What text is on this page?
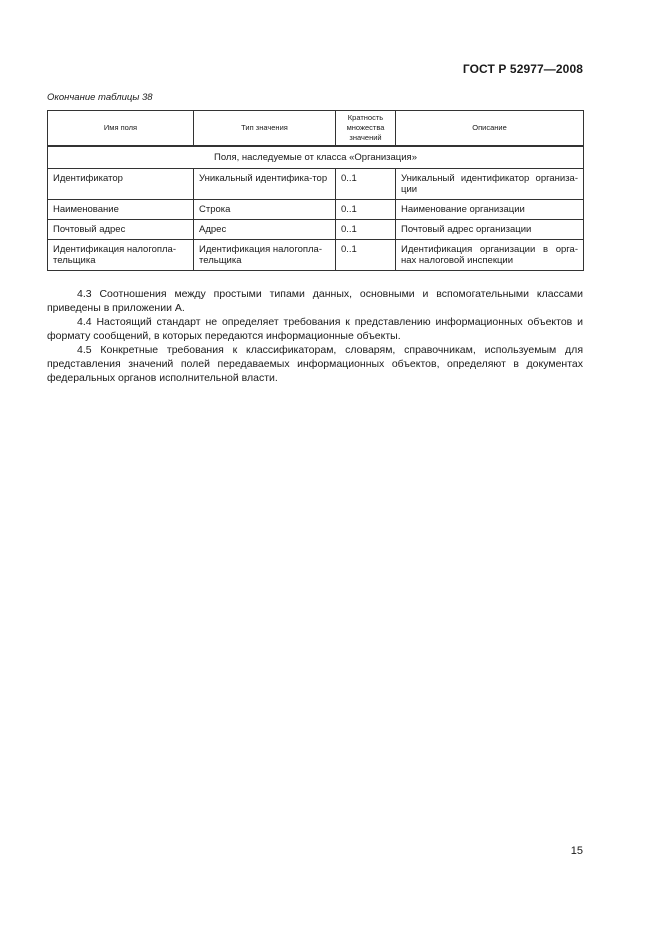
ГОСТ Р 52977—2008
Окончание таблицы 38
Имя поля	Тип значения	Кратность множества значений	Описание
Поля, наследуемые от класса «Организация»			
Идентификатор	Уникальный идентифика-тор	0..1	Уникальный идентификатор организа-ции
Наименование	Строка	0..1	Наименование организации
Почтовый адрес	Адрес	0..1	Почтовый адрес организации
Идентификация налогопла-тельщика	Идентификация налогопла-тельщика	0..1	Идентификация организации в орга-нах налоговой инспекции

4.3 Соотношения между простыми типами данных, основными и вспомогательными классами приведены в приложении А.

4.4 Настоящий стандарт не определяет требования к представлению информационных объектов и формату сообщений, в которых передаются информационные объекты.

4.5 Конкретные требования к классификаторам, словарям, справочникам, используемым для представления значений полей передаваемых информационных объектов, определяют в документах федеральных органов исполнительной власти.

15
